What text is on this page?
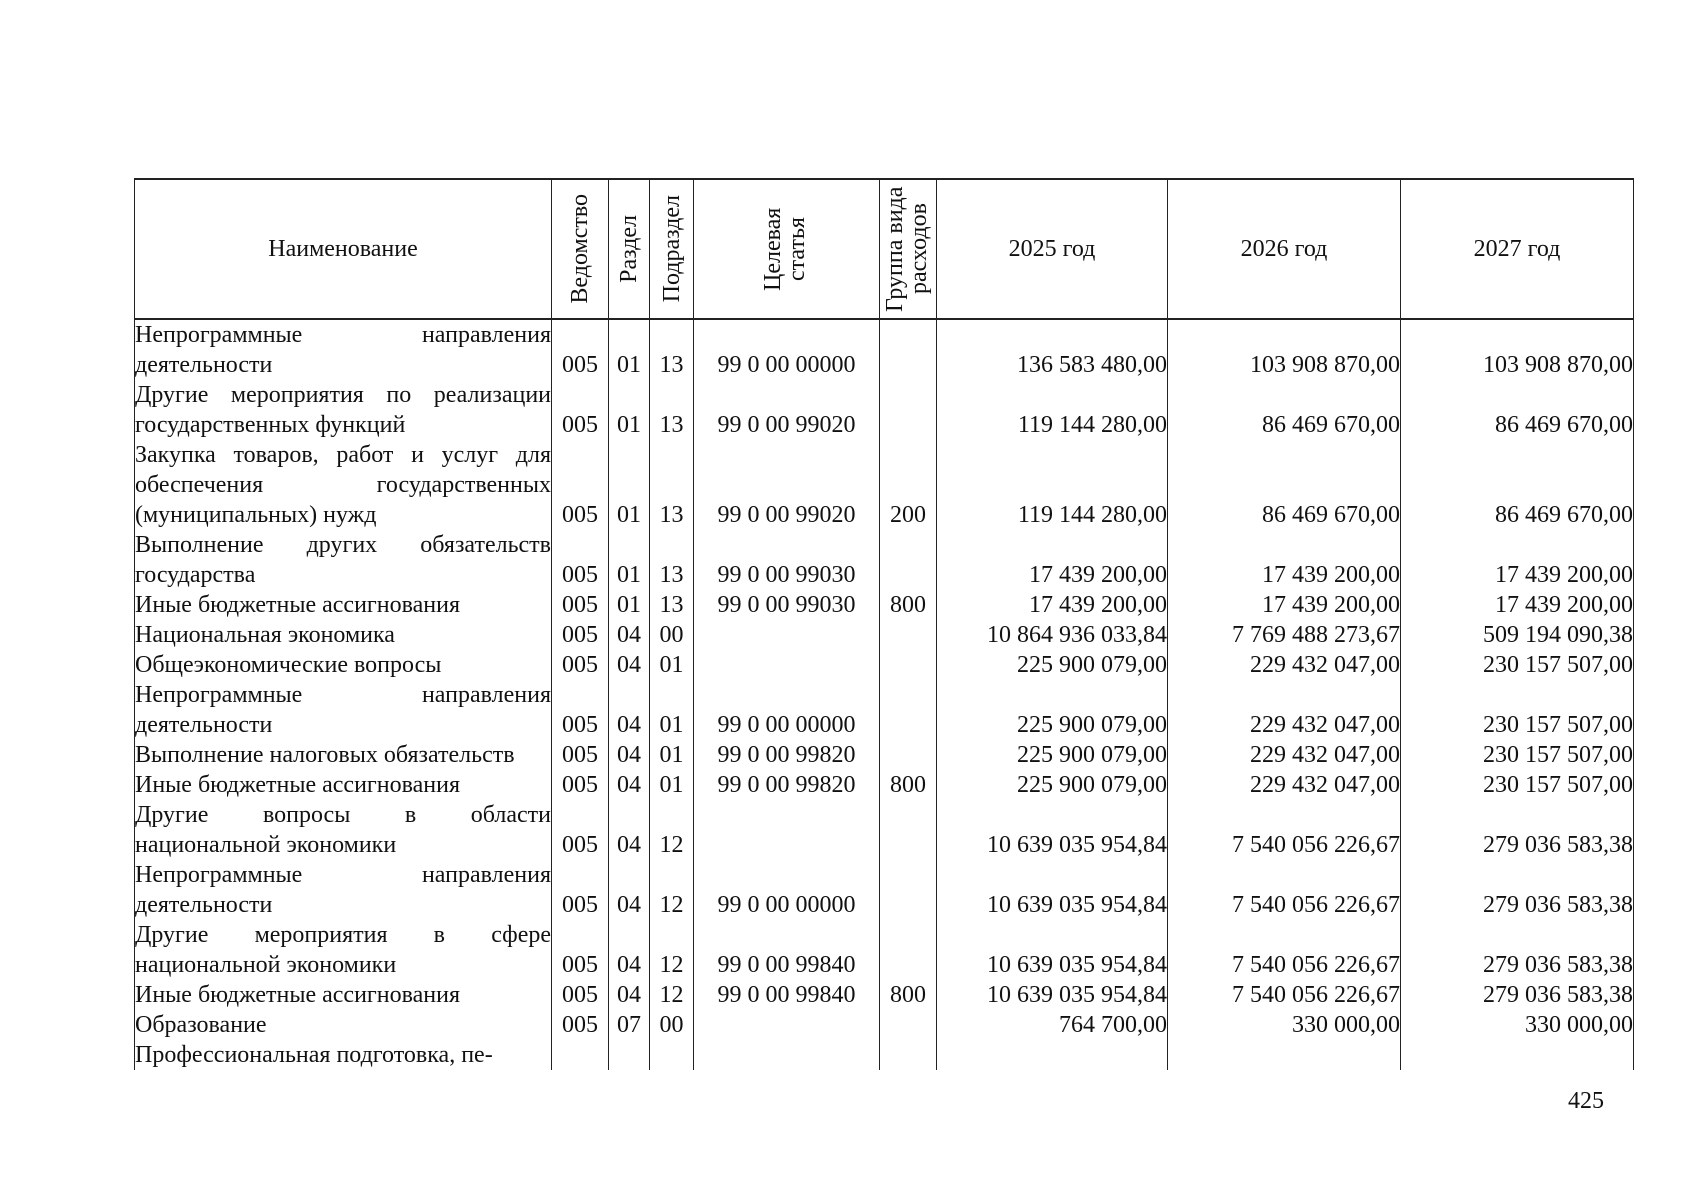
Наименование	Ведомство	Раздел	Подраздел	Целевая статья	Группа вида расходов	2025 год	2026 год	2027 год
Непрограммные направления деятельности	005	01	13	99 0 00 00000		136 583 480,00	103 908 870,00	103 908 870,00
Другие мероприятия по реализации государственных функций	005	01	13	99 0 00 99020		119 144 280,00	86 469 670,00	86 469 670,00
Закупка товаров, работ и услуг для обеспечения государственных (муниципальных) нужд	005	01	13	99 0 00 99020	200	119 144 280,00	86 469 670,00	86 469 670,00
Выполнение других обязательств государства	005	01	13	99 0 00 99030		17 439 200,00	17 439 200,00	17 439 200,00
Иные бюджетные ассигнования	005	01	13	99 0 00 99030	800	17 439 200,00	17 439 200,00	17 439 200,00
Национальная экономика	005	04	00			10 864 936 033,84	7 769 488 273,67	509 194 090,38
Общеэкономические вопросы	005	04	01			225 900 079,00	229 432 047,00	230 157 507,00
Непрограммные направления деятельности	005	04	01	99 0 00 00000		225 900 079,00	229 432 047,00	230 157 507,00
Выполнение налоговых обязательств	005	04	01	99 0 00 99820		225 900 079,00	229 432 047,00	230 157 507,00
Иные бюджетные ассигнования	005	04	01	99 0 00 99820	800	225 900 079,00	229 432 047,00	230 157 507,00
Другие вопросы в области национальной экономики	005	04	12			10 639 035 954,84	7 540 056 226,67	279 036 583,38
Непрограммные направления деятельности	005	04	12	99 0 00 00000		10 639 035 954,84	7 540 056 226,67	279 036 583,38
Другие мероприятия в сфере национальной экономики	005	04	12	99 0 00 99840		10 639 035 954,84	7 540 056 226,67	279 036 583,38
Иные бюджетные ассигнования	005	04	12	99 0 00 99840	800	10 639 035 954,84	7 540 056 226,67	279 036 583,38
Образование	005	07	00			764 700,00	330 000,00	330 000,00
Профессиональная подготовка, пе-								
425
